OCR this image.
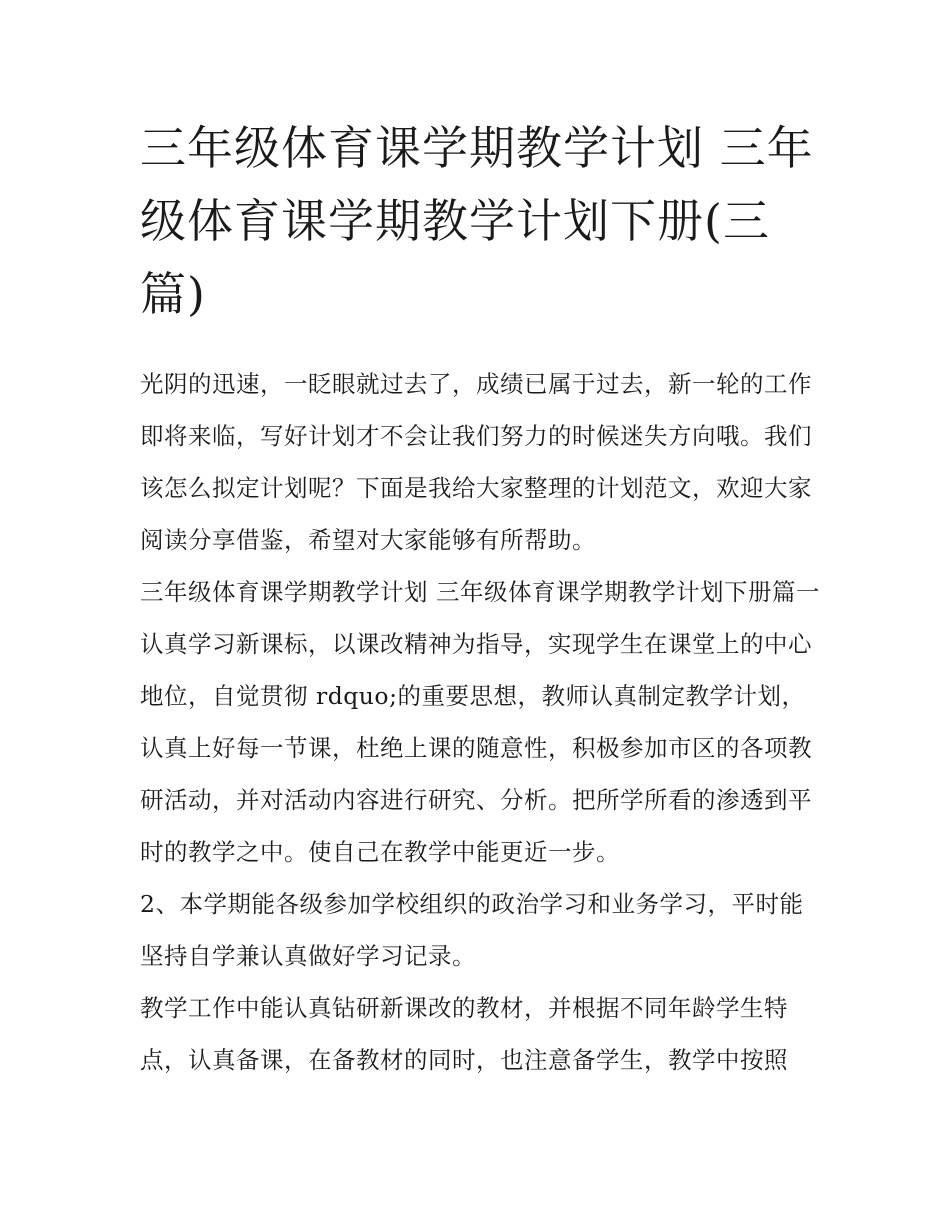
三年级体育课学期教学计划 三年级体育课学期教学计划下册(三篇)

光阴的迅速，一眨眼就过去了，成绩已属于过去，新一轮的工作即将来临，写好计划才不会让我们努力的时候迷失方向哦。我们该怎么拟定计划呢？下面是我给大家整理的计划范文，欢迎大家阅读分享借鉴，希望对大家能够有所帮助。

三年级体育课学期教学计划 三年级体育课学期教学计划下册篇一

认真学习新课标，以课改精神为指导，实现学生在课堂上的中心地位，自觉贯彻 rdquo;的重要思想，教师认真制定教学计划，认真上好每一节课，杜绝上课的随意性，积极参加市区的各项教研活动，并对活动内容进行研究、分析。把所学所看的渗透到平时的教学之中。使自己在教学中能更近一步。

2、本学期能各级参加学校组织的政治学习和业务学习，平时能坚持自学兼认真做好学习记录。

教学工作中能认真钻研新课改的教材，并根据不同年龄学生特点，认真备课，在备教材的同时，也注意备学生，教学中按照
